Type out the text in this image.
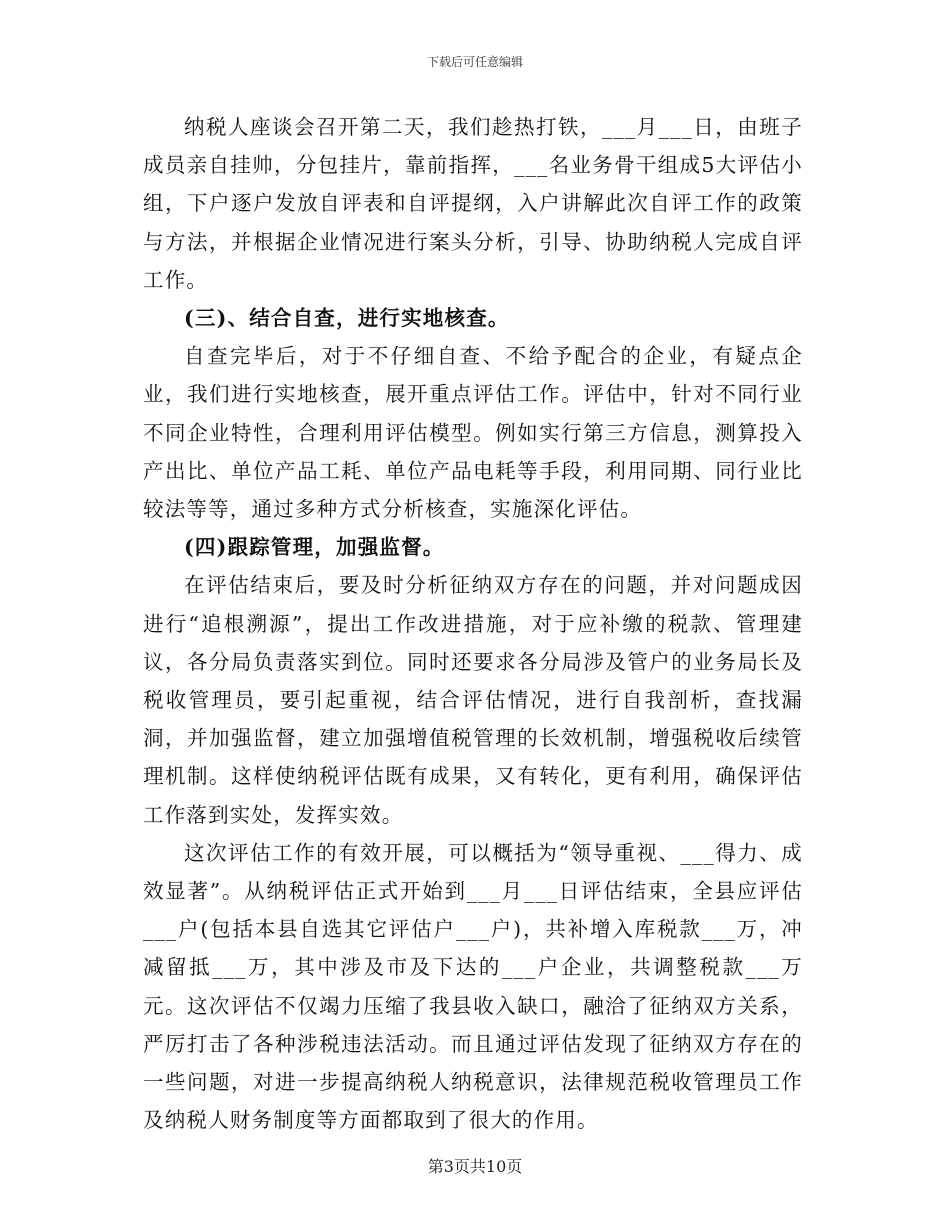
下载后可任意编辑

纳税人座谈会召开第二天，我们趁热打铁，___月___日，由班子成员亲自挂帅，分包挂片，靠前指挥，___名业务骨干组成5大评估小组，下户逐户发放自评表和自评提纲，入户讲解此次自评工作的政策与方法，并根据企业情况进行案头分析，引导、协助纳税人完成自评工作。

(三)、结合自查，进行实地核查。

自查完毕后，对于不仔细自查、不给予配合的企业，有疑点企业，我们进行实地核查，展开重点评估工作。评估中，针对不同行业不同企业特性，合理利用评估模型。例如实行第三方信息，测算投入产出比、单位产品工耗、单位产品电耗等手段，利用同期、同行业比较法等等，通过多种方式分析核查，实施深化评估。

(四)跟踪管理，加强监督。

在评估结束后，要及时分析征纳双方存在的问题，并对问题成因进行“追根溯源”，提出工作改进措施，对于应补缴的税款、管理建议，各分局负责落实到位。同时还要求各分局涉及管户的业务局长及税收管理员，要引起重视，结合评估情况，进行自我剖析，查找漏洞，并加强监督，建立加强增值税管理的长效机制，增强税收后续管理机制。这样使纳税评估既有成果，又有转化，更有利用，确保评估工作落到实处，发挥实效。

这次评估工作的有效开展，可以概括为“领导重视、___得力、成效显著”。从纳税评估正式开始到___月___日评估结束，全县应评估___户(包括本县自选其它评估户___户)，共补增入库税款___万，冲减留抵___万，其中涉及市及下达的___户企业，共调整税款___万元。这次评估不仅竭力压缩了我县收入缺口，融洽了征纳双方关系，严厉打击了各种涉税违法活动。而且通过评估发现了征纳双方存在的一些问题，对进一步提高纳税人纳税意识，法律规范税收管理员工作及纳税人财务制度等方面都取到了很大的作用。

第3页共10页
